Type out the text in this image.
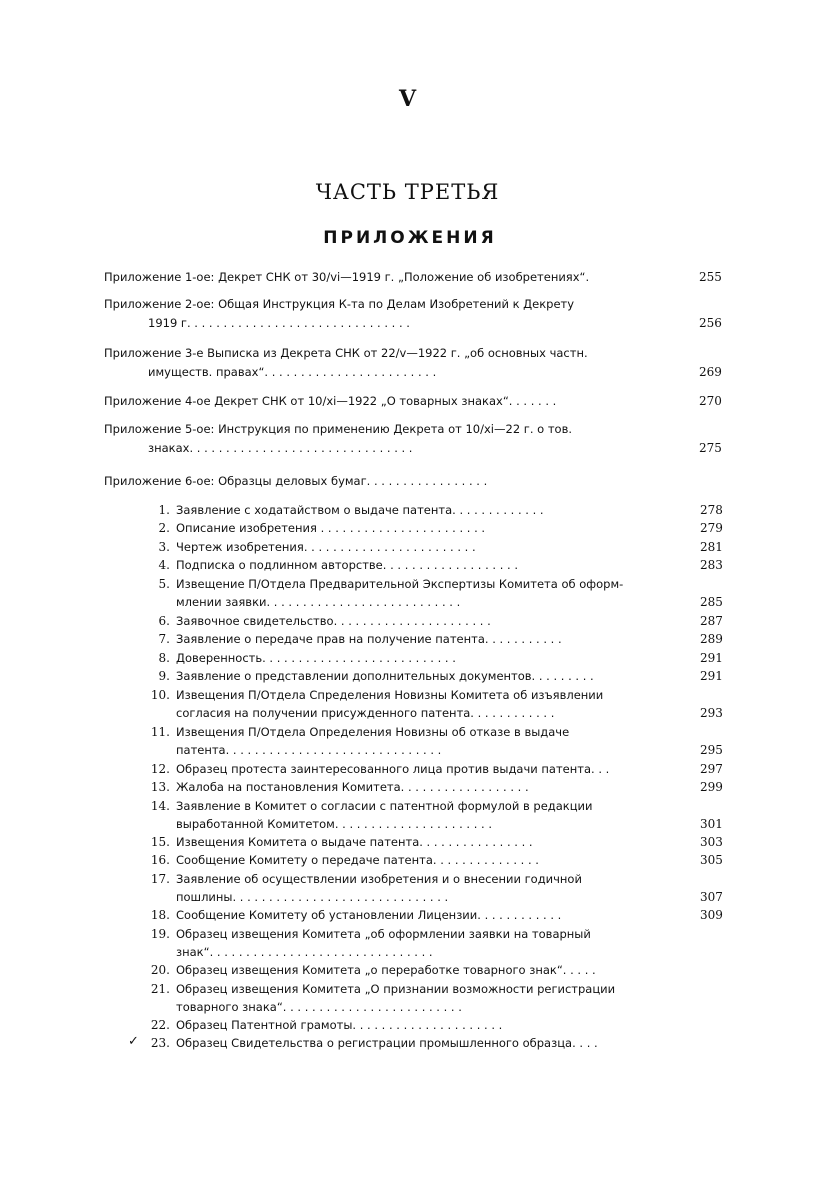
V
ЧАСТЬ ТРЕТЬЯ
ПРИЛОЖЕНИЯ
Приложение 1-ое: Декрет СНК от 30/vi—1919 г. „Положение об изобретениях“.	255
Приложение 2-ое: Общая Инструкция К-та по Делам Изобретений к Декрету
1919 г. . . . . . . . . . . . . . . . . . . . . . . . . . . . . . .	256
Приложение 3-е Выписка из Декрета СНК от 22/v—1922 г. „об основных частн.
имуществ. правах“. . . . . . . . . . . . . . . . . . . . . . . .	269
Приложение 4-ое Декрет СНК от 10/xi—1922 „О товарных знаках“. . . . . . .	270
Приложение 5-ое: Инструкция по применению Декрета от 10/xi—22 г. о тов.
знаках. . . . . . . . . . . . . . . . . . . . . . . . . . . . . . .	275
Приложение 6-ое: Образцы деловых бумаг. . . . . . . . . . . . . . . . .
1. Заявление с ходатайством о выдаче патента. . . . . . . . . . . . .	278
2. Описание изобретения . . . . . . . . . . . . . . . . . . . . . . .	279
3. Чертеж изобретения. . . . . . . . . . . . . . . . . . . . . . . .	281
4. Подписка о подлинном авторстве. . . . . . . . . . . . . . . . . . .	283
5. Извещение П/Отдела Предварительной Экспертизы Комитета об оформ-
млении заявки. . . . . . . . . . . . . . . . . . . . . . . . . . .	285
6. Заявочное свидетельство. . . . . . . . . . . . . . . . . . . . . .	287
7. Заявление о передаче прав на получение патента. . . . . . . . . . .	289
8. Доверенность. . . . . . . . . . . . . . . . . . . . . . . . . . .	291
9. Заявление о представлении дополнительных документов. . . . . . . . .	291
10. Извещения П/Отдела Спределения Новизны Комитета об изъявлении
согласия на получении присужденного патента. . . . . . . . . . . .	293
11. Извещения П/Отдела Определения Новизны об отказе в выдаче
патента. . . . . . . . . . . . . . . . . . . . . . . . . . . . . .	295
12. Образец протеста заинтересованного лица против выдачи патента. . .	297
13. Жалоба на постановления Комитета. . . . . . . . . . . . . . . . . .	299
14. Заявление в Комитет о согласии с патентной формулой в редакции
выработанной Комитетом. . . . . . . . . . . . . . . . . . . . . .	301
15. Извещения Комитета о выдаче патента. . . . . . . . . . . . . . . .	303
16. Сообщение Комитету о передаче патента. . . . . . . . . . . . . . .	305
17. Заявление об осуществлении изобретения и о внесении годичной
пошлины. . . . . . . . . . . . . . . . . . . . . . . . . . . . . .	307
18. Сообщение Комитету об установлении Лицензии. . . . . . . . . . . .	309
19. Образец извещения Комитета „об оформлении заявки на товарный
знак“. . . . . . . . . . . . . . . . . . . . . . . . . . . . . . .
20. Образец извещения Комитета „о переработке товарного знак“. . . . .
21. Образец извещения Комитета „О признании возможности регистрации
товарного знака“. . . . . . . . . . . . . . . . . . . . . . . . .
22. Образец Патентной грамоты. . . . . . . . . . . . . . . . . . . . .
23. Образец Свидетельства о регистрации промышленного образца. . . .
✓
